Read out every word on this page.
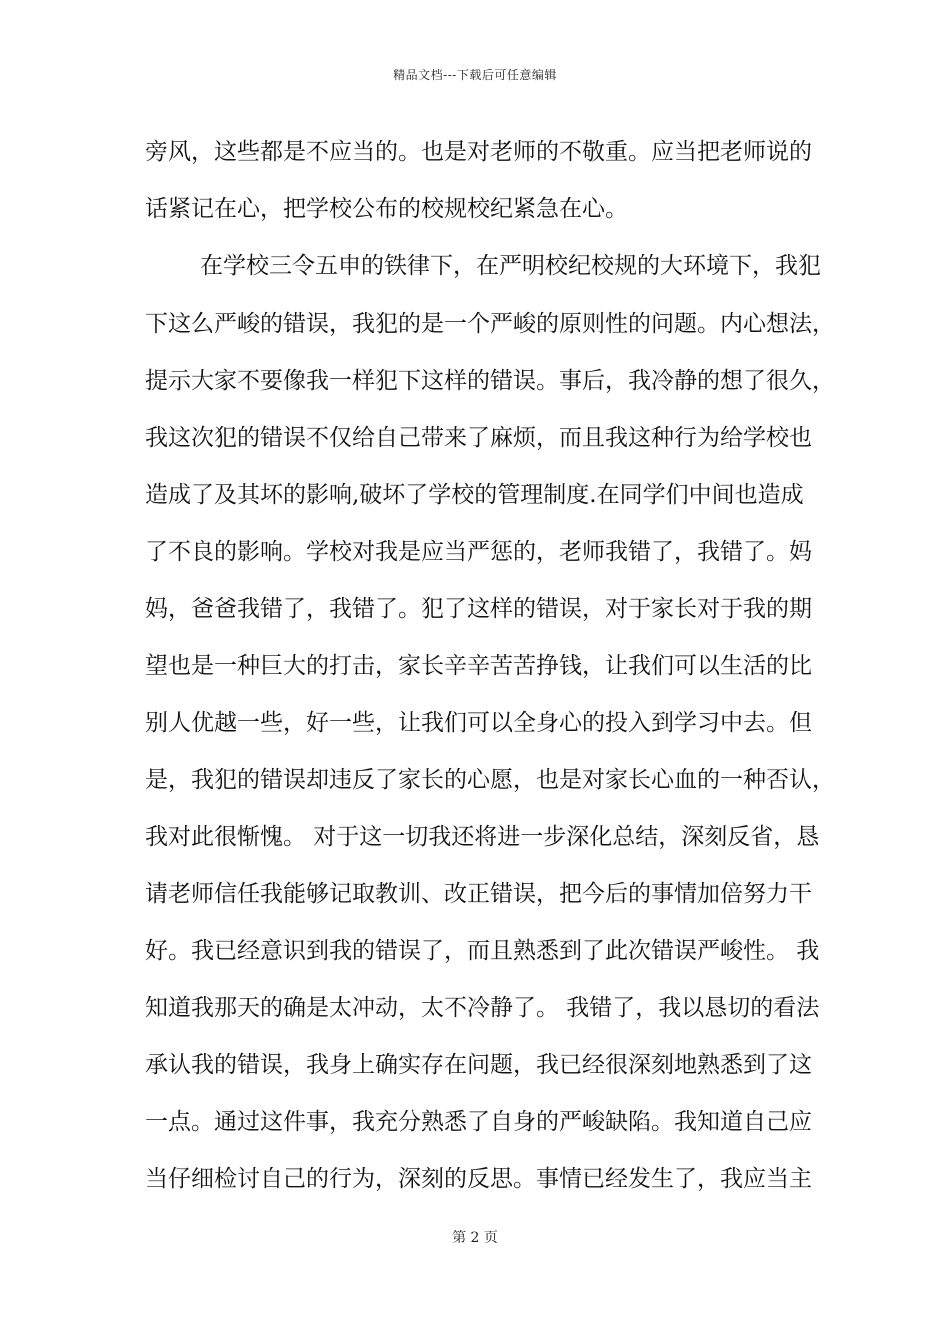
精品文档---下载后可任意编辑
旁风，这些都是不应当的。也是对老师的不敬重。应当把老师说的
话紧记在心，把学校公布的校规校纪紧急在心。
在学校三令五申的铁律下，在严明校纪校规的大环境下，我犯
下这么严峻的错误，我犯的是一个严峻的原则性的问题。内心想法，
提示大家不要像我一样犯下这样的错误。事后，我冷静的想了很久，
我这次犯的错误不仅给自己带来了麻烦，而且我这种行为给学校也
造成了及其坏的影响,破坏了学校的管理制度.在同学们中间也造成
了不良的影响。学校对我是应当严惩的，老师我错了，我错了。妈
妈，爸爸我错了，我错了。犯了这样的错误，对于家长对于我的期
望也是一种巨大的打击，家长辛辛苦苦挣钱，让我们可以生活的比
别人优越一些，好一些，让我们可以全身心的投入到学习中去。但
是，我犯的错误却违反了家长的心愿，也是对家长心血的一种否认，
我对此很惭愧。 对于这一切我还将进一步深化总结，深刻反省，恳
请老师信任我能够记取教训、改正错误，把今后的事情加倍努力干
好。我已经意识到我的错误了，而且熟悉到了此次错误严峻性。 我
知道我那天的确是太冲动，太不冷静了。 我错了，我以恳切的看法
承认我的错误，我身上确实存在问题，我已经很深刻地熟悉到了这
一点。通过这件事，我充分熟悉了自身的严峻缺陷。我知道自己应
当仔细检讨自己的行为，深刻的反思。事情已经发生了，我应当主
第 2 页
